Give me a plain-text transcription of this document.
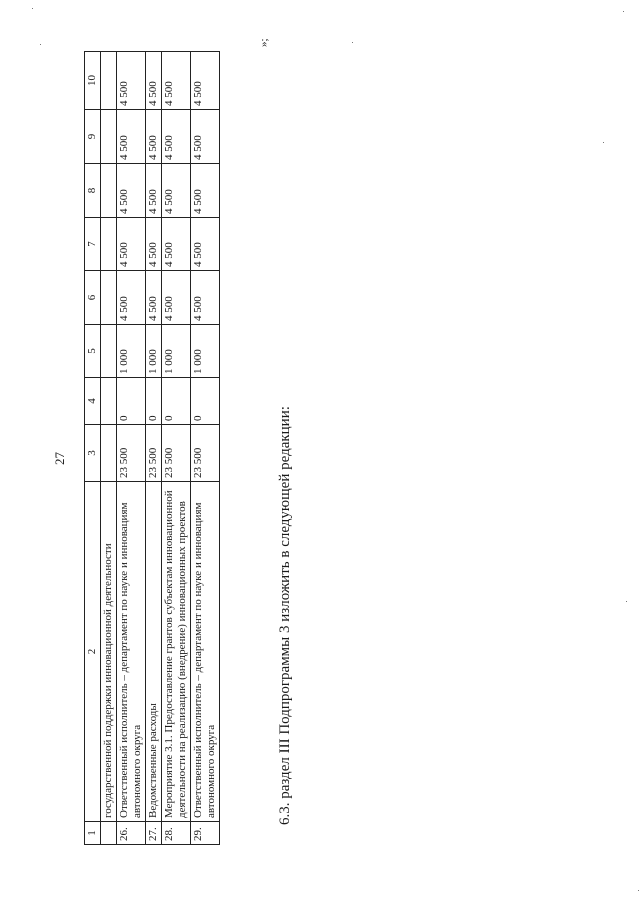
27
»;
1	2	3	4	5	6	7	8	9	10
	государственной поддержки инновационной деятельности								
26.	Ответственный исполнитель – департамент по науке и инновациям автономного округа	23 500	0	1 000	4 500	4 500	4 500	4 500	4 500
27.	Ведомственные расходы	23 500	0	1 000	4 500	4 500	4 500	4 500	4 500
28.	Мероприятие 3.1. Предоставление грантов субъектам инновационной деятельности на реализацию (внедрение) инновационных проектов	23 500	0	1 000	4 500	4 500	4 500	4 500	4 500
29.	Ответственный исполнитель – департамент по науке и инновациям автономного округа	23 500	0	1 000	4 500	4 500	4 500	4 500	4 500
6.3. раздел III Подпрограммы 3 изложить в следующей редакции:
